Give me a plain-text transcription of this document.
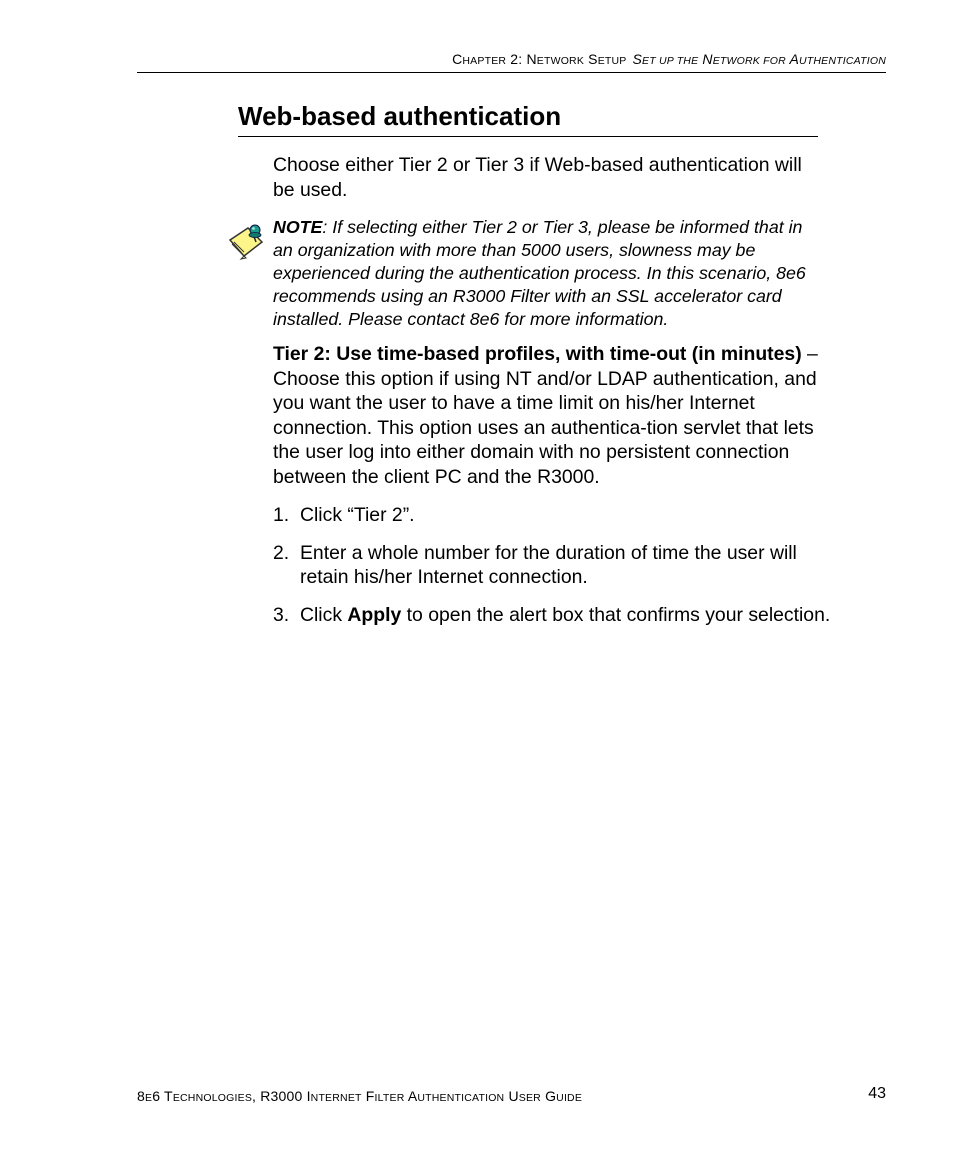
CHAPTER 2: NETWORK SETUP SET UP THE NETWORK FOR AUTHENTICATION
Web-based authentication

Choose either Tier 2 or Tier 3 if Web-based authentication will be used.

NOTE: If selecting either Tier 2 or Tier 3, please be informed that in an organization with more than 5000 users, slowness may be experienced during the authentication process. In this scenario, 8e6 recommends using an R3000 Filter with an SSL accelerator card installed. Please contact 8e6 for more information.

Tier 2: Use time-based profiles, with time-out (in minutes) – Choose this option if using NT and/or LDAP authentication, and you want the user to have a time limit on his/her Internet connection. This option uses an authentica-tion servlet that lets the user log into either domain with no persistent connection between the client PC and the R3000.

1. Click “Tier 2”.
2. Enter a whole number for the duration of time the user will retain his/her Internet connection.
3. Click Apply to open the alert box that confirms your selection.
8E6 TECHNOLOGIES, R3000 INTERNET FILTER AUTHENTICATION USER GUIDE	43
